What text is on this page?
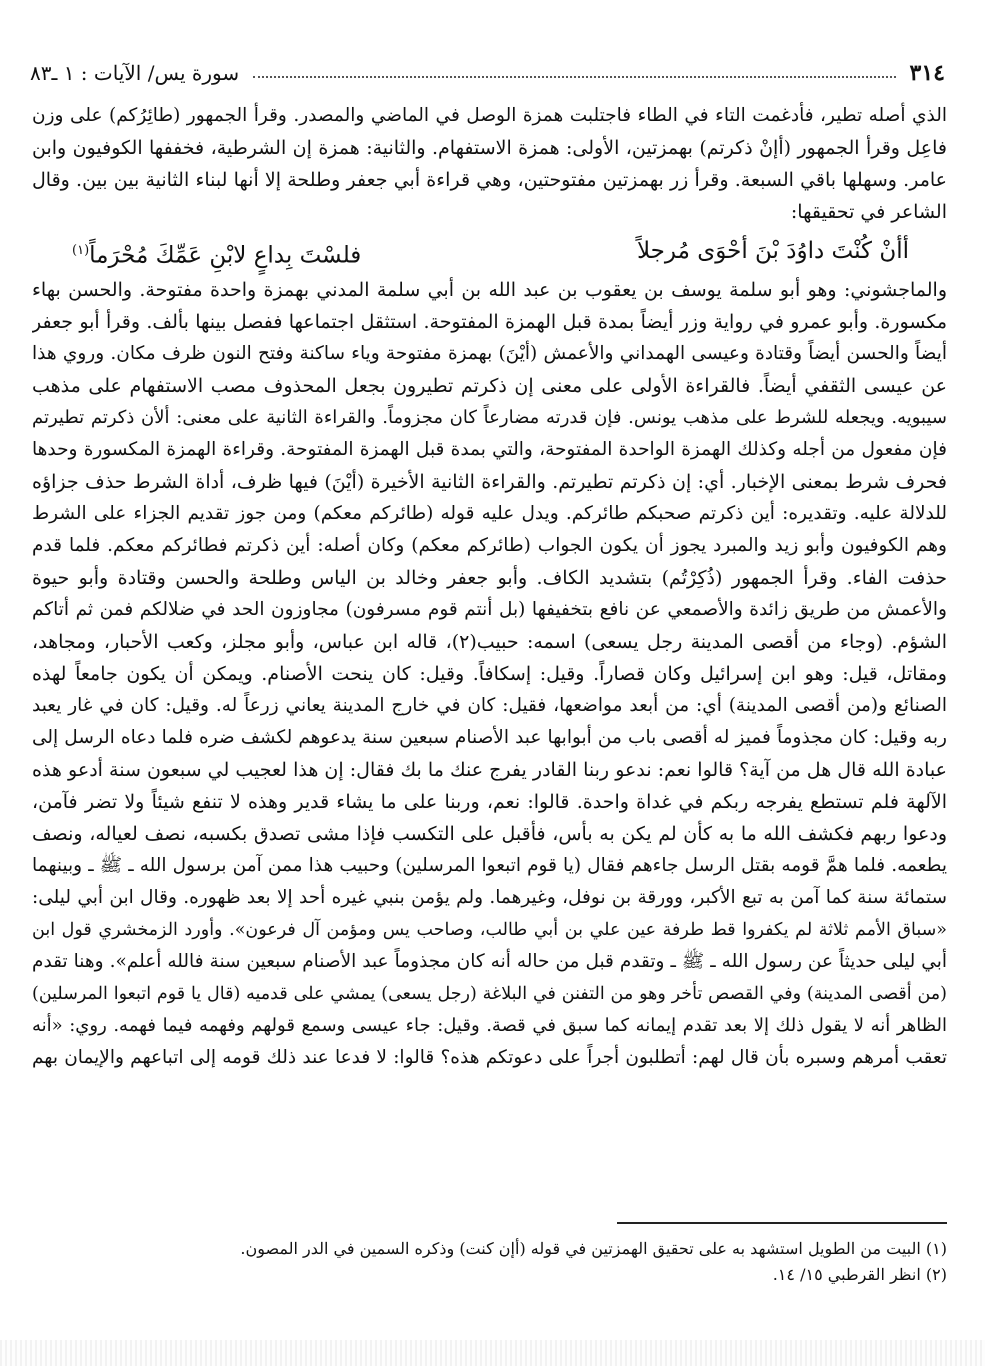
٣١٤
سورة يس/ الآيات : ١ ـ٨٣
الذي أصله تطير، فأدغمت التاء في الطاء فاجتلبت همزة الوصل في الماضي والمصدر. وقرأ الجمهور (طائِرُكم) على وزن
فاعِل وقرأ الجمهور (أإنْ ذكرتم) بهمزتين، الأولى: همزة الاستفهام. والثانية: همزة إن الشرطية، فخففها الكوفيون وابن
عامر. وسهلها باقي السبعة. وقرأ زر بهمزتين مفتوحتين، وهي قراءة أبي جعفر وطلحة إلا أنها لبناء الثانية بين بين. وقال
الشاعر في تحقيقها:
أأنْ كُنْتَ داوُدَ بْنَ أحْوَى مُرجلاً
فلسْتَ بِداعٍ لابْنِ عَمِّكَ مُحْرَماً$^{(١)}$
والماجشوني: وهو أبو سلمة يوسف بن يعقوب بن عبد الله بن أبي سلمة المدني بهمزة واحدة مفتوحة. والحسن بهاء
مكسورة. وأبو عمرو في رواية وزر أيضاً بمدة قبل الهمزة المفتوحة. استثقل اجتماعها ففصل بينها بألف. وقرأ أبو جعفر
أيضاً والحسن أيضاً وقتادة وعيسى الهمداني والأعمش (أيْنَ) بهمزة مفتوحة وياء ساكنة وفتح النون ظرف مكان. وروي هذا
عن عيسى الثقفي أيضاً. فالقراءة الأولى على معنى إن ذكرتم تطيرون بجعل المحذوف مصب الاستفهام على مذهب
سيبويه. ويجعله للشرط على مذهب يونس. فإن قدرته مضارعاً كان مجزوماً. والقراءة الثانية على معنى: ألأن ذكرتم تطيرتم
فإن مفعول من أجله وكذلك الهمزة الواحدة المفتوحة، والتي بمدة قبل الهمزة المفتوحة. وقراءة الهمزة المكسورة وحدها
فحرف شرط بمعنى الإخبار. أي: إن ذكرتم تطيرتم. والقراءة الثانية الأخيرة (أيْنَ) فيها ظرف، أداة الشرط حذف جزاؤه
للدلالة عليه. وتقديره: أين ذكرتم صحبكم طائركم. ويدل عليه قوله (طائركم معكم) ومن جوز تقديم الجزاء على الشرط
وهم الكوفيون وأبو زيد والمبرد يجوز أن يكون الجواب (طائركم معكم) وكان أصله: أين ذكرتم فطائركم معكم. فلما قدم
حذفت الفاء. وقرأ الجمهور (ذُكِرْتُم) بتشديد الكاف. وأبو جعفر وخالد بن الياس وطلحة والحسن وقتادة وأبو حيوة
والأعمش من طريق زائدة والأصمعي عن نافع بتخفيفها (بل أنتم قوم مسرفون) مجاوزون الحد في ضلالكم فمن ثم أتاكم
الشؤم. (وجاء من أقصى المدينة رجل يسعى) اسمه: حبيب(٢)، قاله ابن عباس، وأبو مجلز، وكعب الأحبار، ومجاهد،
ومقاتل، قيل: وهو ابن إسرائيل وكان قصاراً. وقيل: إسكافاً. وقيل: كان ينحت الأصنام. ويمكن أن يكون جامعاً لهذه
الصنائع و(من أقصى المدينة) أي: من أبعد مواضعها، فقيل: كان في خارج المدينة يعاني زرعاً له. وقيل: كان في غار يعبد
ربه وقيل: كان مجذوماً فميز له أقصى باب من أبوابها عبد الأصنام سبعين سنة يدعوهم لكشف ضره فلما دعاه الرسل إلى
عبادة الله قال هل من آية؟ قالوا نعم: ندعو ربنا القادر يفرج عنك ما بك فقال: إن هذا لعجيب لي سبعون سنة أدعو هذه
الآلهة فلم تستطع يفرجه ربكم في غداة واحدة. قالوا: نعم، وربنا على ما يشاء قدير وهذه لا تنفع شيئاً ولا تضر فآمن،
ودعوا ربهم فكشف الله ما به كأن لم يكن به بأس، فأقبل على التكسب فإذا مشى تصدق بكسبه، نصف لعياله، ونصف
يطعمه. فلما همَّ قومه بقتل الرسل جاءهم فقال (يا قوم اتبعوا المرسلين) وحبيب هذا ممن آمن برسول الله ـ ﷺ ـ وبينهما
ستمائة سنة كما آمن به تبع الأكبر، وورقة بن نوفل، وغيرهما. ولم يؤمن بنبي غيره أحد إلا بعد ظهوره. وقال ابن أبي ليلى:
«سباق الأمم ثلاثة لم يكفروا قط طرفة عين علي بن أبي طالب، وصاحب يس ومؤمن آل فرعون». وأورد الزمخشري قول ابن
أبي ليلى حديثاً عن رسول الله ـ ﷺ ـ وتقدم قبل من حاله أنه كان مجذوماً عبد الأصنام سبعين سنة فالله أعلم». وهنا تقدم
(من أقصى المدينة) وفي القصص تأخر وهو من التفنن في البلاغة (رجل يسعى) يمشي على قدميه (قال يا قوم اتبعوا المرسلين)
الظاهر أنه لا يقول ذلك إلا بعد تقدم إيمانه كما سبق في قصة. وقيل: جاء عيسى وسمع قولهم وفهمه فيما فهمه. روي: «أنه
تعقب أمرهم وسبره بأن قال لهم: أتطلبون أجراً على دعوتكم هذه؟ قالوا: لا فدعا عند ذلك قومه إلى اتباعهم والإيمان بهم
(١) البيت من الطويل استشهد به على تحقيق الهمزتين في قوله (أإن كنت) وذكره السمين في الدر المصون.
(٢) انظر القرطبي ١٥/ ١٤.
